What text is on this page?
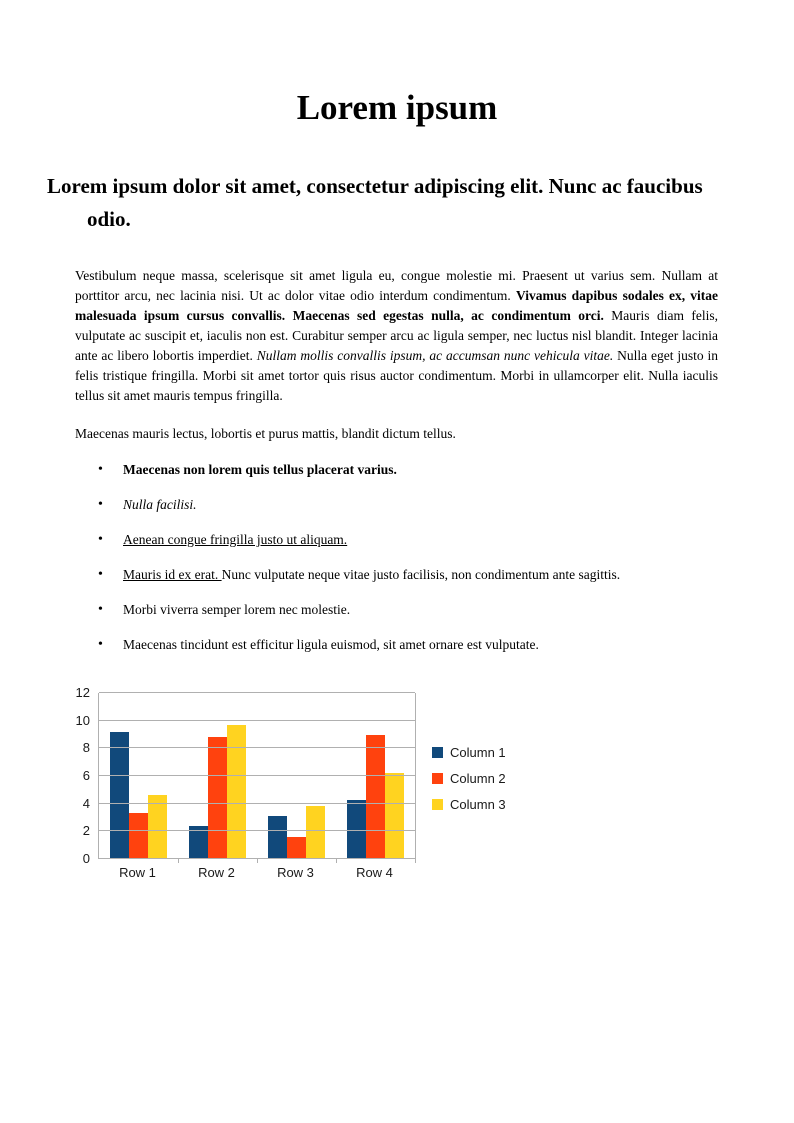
Lorem ipsum
Lorem ipsum dolor sit amet, consectetur adipiscing elit. Nunc ac faucibus odio.

Vestibulum neque massa, scelerisque sit amet ligula eu, congue molestie mi. Praesent ut varius sem. Nullam at porttitor arcu, nec lacinia nisi. Ut ac dolor vitae odio interdum condimentum. Vivamus dapibus sodales ex, vitae malesuada ipsum cursus convallis. Maecenas sed egestas nulla, ac condimentum orci. Mauris diam felis, vulputate ac suscipit et, iaculis non est. Curabitur semper arcu ac ligula semper, nec luctus nisl blandit. Integer lacinia ante ac libero lobortis imperdiet. Nullam mollis convallis ipsum, ac accumsan nunc vehicula vitae. Nulla eget justo in felis tristique fringilla. Morbi sit amet tortor quis risus auctor condimentum. Morbi in ullamcorper elit. Nulla iaculis tellus sit amet mauris tempus fringilla.

Maecenas mauris lectus, lobortis et purus mattis, blandit dictum tellus.

• Maecenas non lorem quis tellus placerat varius.
• Nulla facilisi.
• Aenean congue fringilla justo ut aliquam.
• Mauris id ex erat. Nunc vulputate neque vitae justo facilisis, non condimentum ante sagittis.
• Morbi viverra semper lorem nec molestie.
• Maecenas tincidunt est efficitur ligula euismod, sit amet ornare est vulputate.
Row 1	Row 2	Row 3	Row 4
Column 1
Column 2
Column 3
0
2
4
6
8
10
12
